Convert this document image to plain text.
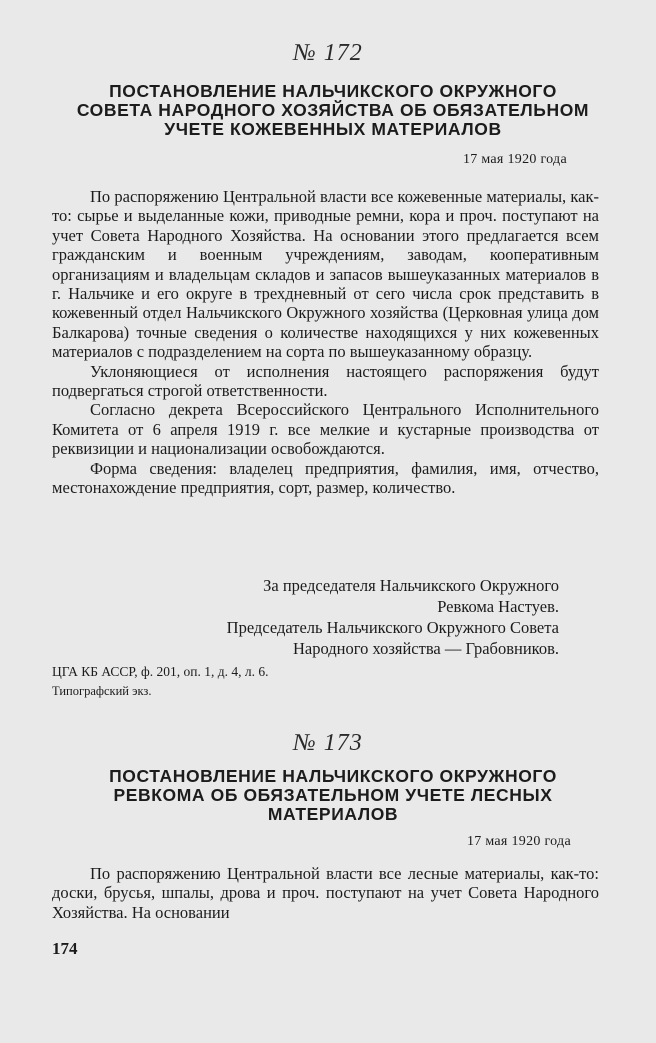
№ 172
ПОСТАНОВЛЕНИЕ НАЛЬЧИКСКОГО ОКРУЖНОГО
СОВЕТА НАРОДНОГО ХОЗЯЙСТВА ОБ ОБЯЗАТЕЛЬНОМ
УЧЕТЕ КОЖЕВЕННЫХ МАТЕРИАЛОВ
17 мая 1920 года

По распоряжению Центральной власти все кожевенные материалы, как-то: сырье и выделанные кожи, приводные ремни, кора и проч. поступают на учет Совета Народного Хозяйства. На основании этого предлагается всем гражданским и военным учреждениям, заводам, кооперативным организациям и владельцам складов и запасов вышеуказанных материалов в г. Нальчике и его округе в трехдневный от сего числа срок представить в кожевенный отдел Нальчикского Окружного хозяйства (Церковная улица дом Балкарова) точные сведения о количестве находящихся у них кожевенных материалов с подразделением на сорта по вышеуказанному образцу.

Уклоняющиеся от исполнения настоящего распоряжения будут подвергаться строгой ответственности.

Согласно декрета Всероссийского Центрального Исполнительного Комитета от 6 апреля 1919 г. все мелкие и кустарные производства от реквизиции и национализации освобождаются.

Форма сведения: владелец предприятия, фамилия, имя, отчество, местонахождение предприятия, сорт, размер, количество.

За председателя Нальчикского Окружного
Ревкома Настуев.
Председатель Нальчикского Окружного Совета
Народного хозяйства — Грабовников.
ЦГА КБ АССР, ф. 201, оп. 1, д. 4, л. 6.
Типографский экз.
№ 173
ПОСТАНОВЛЕНИЕ НАЛЬЧИКСКОГО ОКРУЖНОГО
РЕВКОМА ОБ ОБЯЗАТЕЛЬНОМ УЧЕТЕ ЛЕСНЫХ
МАТЕРИАЛОВ
17 мая 1920 года

По распоряжению Центральной власти все лесные материалы, как-то: доски, брусья, шпалы, дрова и проч. поступают на учет Совета Народного Хозяйства. На основании

174
